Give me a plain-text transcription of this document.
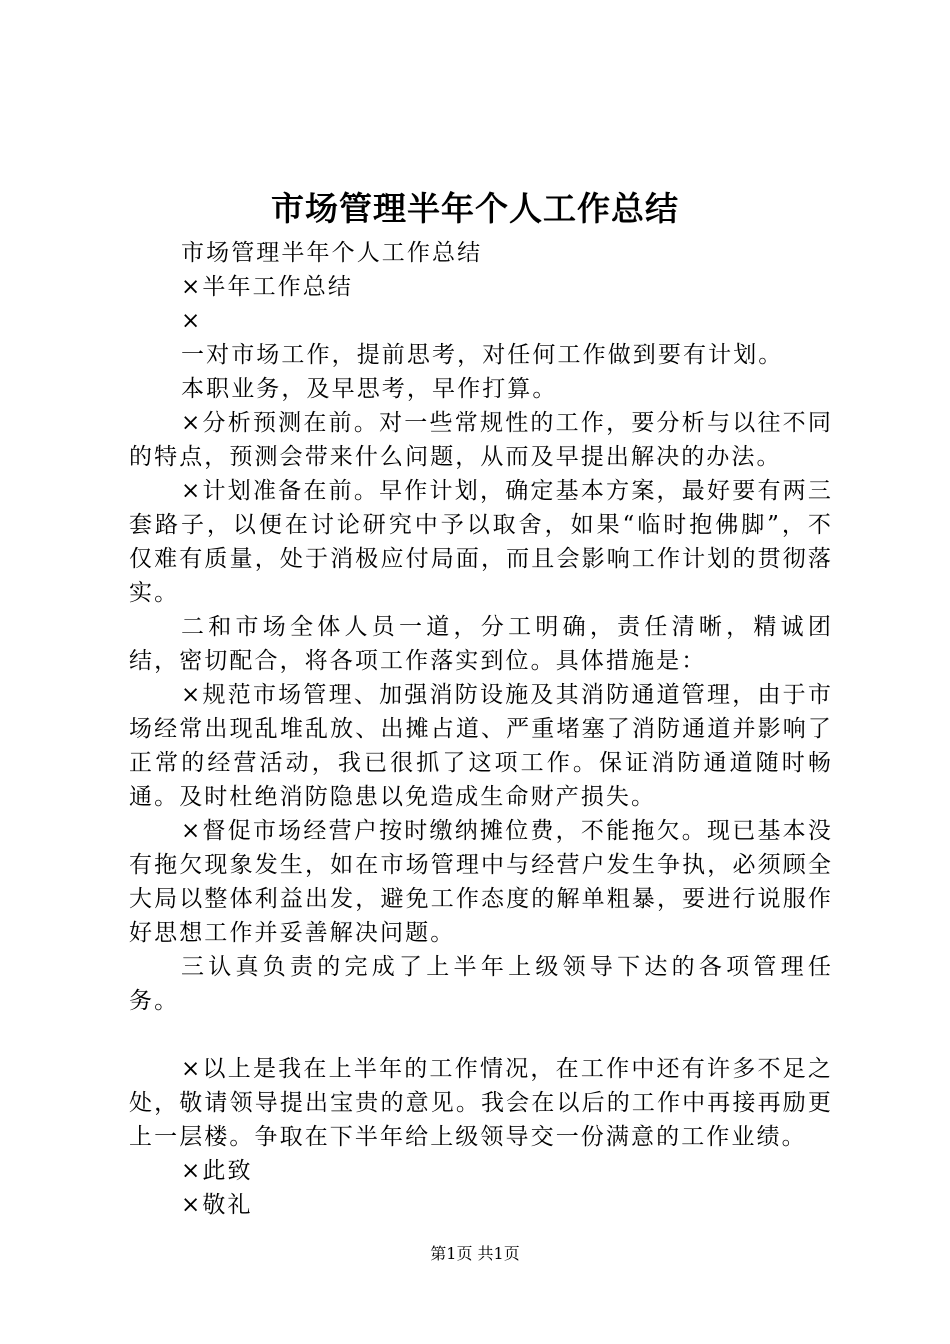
市场管理半年个人工作总结

市场管理半年个人工作总结

×半年工作总结

×

一对市场工作，提前思考，对任何工作做到要有计划。

本职业务，及早思考，早作打算。

×分析预测在前。对一些常规性的工作，要分析与以往不同的特点，预测会带来什么问题，从而及早提出解决的办法。

×计划准备在前。早作计划，确定基本方案，最好要有两三套路子，以便在讨论研究中予以取舍，如果“临时抱佛脚”，不仅难有质量，处于消极应付局面，而且会影响工作计划的贯彻落实。

二和市场全体人员一道，分工明确，责任清晰，精诚团结，密切配合，将各项工作落实到位。具体措施是：

×规范市场管理、加强消防设施及其消防通道管理，由于市场经常出现乱堆乱放、出摊占道、严重堵塞了消防通道并影响了正常的经营活动，我已很抓了这项工作。保证消防通道随时畅通。及时杜绝消防隐患以免造成生命财产损失。

×督促市场经营户按时缴纳摊位费，不能拖欠。现已基本没有拖欠现象发生，如在市场管理中与经营户发生争执，必须顾全大局以整体利益出发，避免工作态度的解单粗暴，要进行说服作好思想工作并妥善解决问题。

三认真负责的完成了上半年上级领导下达的各项管理任务。

×以上是我在上半年的工作情况，在工作中还有许多不足之处，敬请领导提出宝贵的意见。我会在以后的工作中再接再励更上一层楼。争取在下半年给上级领导交一份满意的工作业绩。

×此致

×敬礼

第1页 共1页
